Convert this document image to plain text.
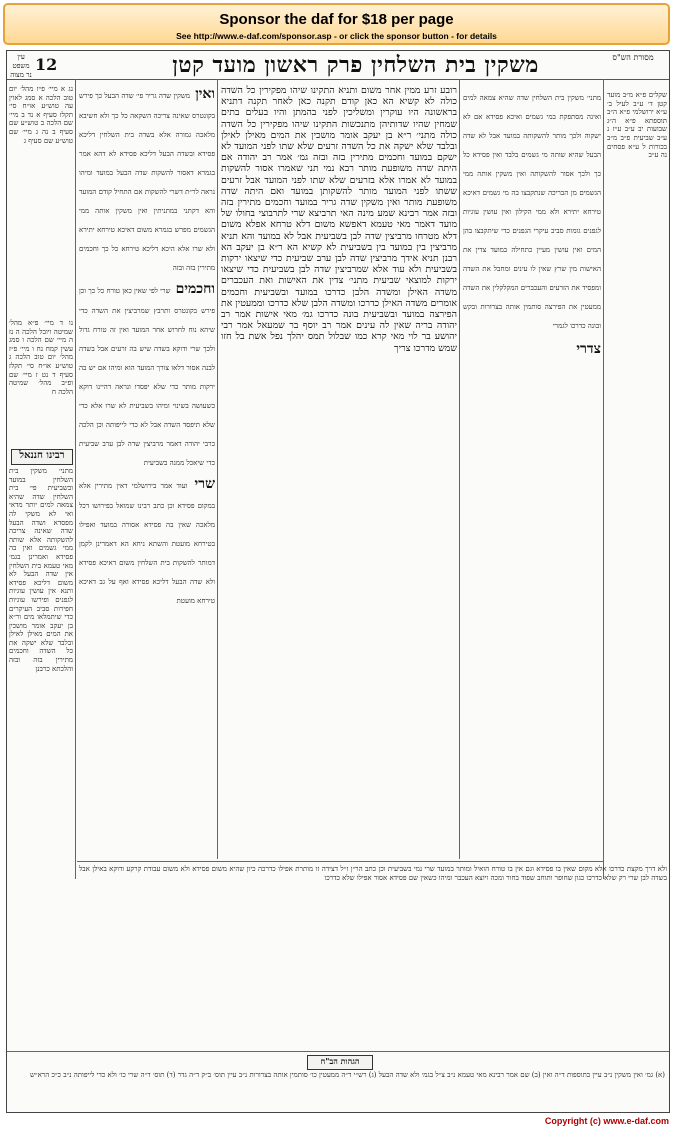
Sponsor the daf for $18 per page
See http://www.e-daf.com/sponsor.asp - or click the sponsor button - for details
עין משפט נר מצוה
12	משקין בית השלחין פרק ראשון מועד קטן	מסורת הש"ס
נג א מיי׳ פ״ז מהל׳ יום טוב הלכה א סמג לאוין עה טוש״ע או״ח סי׳ תקלז סעיף א נד ב מיי׳ שם הלכה ב טוש״ע שם סעיף ב נה ג מיי׳ שם טוש״ע שם סעיף ג
נו ד מיי׳ פ״א מהל׳ שמיטה ויובל הלכה ה נז ה מיי׳ שם הלכה ו סמג עשין קמח נח ו מיי׳ פ״ז מהל׳ יום טוב הלכה ג טוש״ע או״ח סי׳ תקלז סעיף ד נט ז מיי׳ שם ופ״ב מהל׳ שמיטה הלכה ח
רבינו חננאל
מתני׳ משקין בית השלחין במועד ובשביעית פי׳ בית השלחין שדה שהיא צמאה למים יותר מדאי ואי לא משקי לה מפסדא ושדה הבעל שדה שאינה צריכה להשקותה אלא שותה ממי גשמים ואין בה פסידא ואמרינן בגמ׳ מאי טעמא בית השלחין אין שדה הבעל לא משום דליכא פסידא ותנא אין עושין עוגיות לגפנים ופירשו עוגיות חפירות סביב העיקרים כדי שיתמלאו מים ור״א בן יעקב אומר מושכין את המים מאילן לאילן ובלבד שלא ישקה את כל השדה וחכמים מתירין בזה ובזה והלכתא כרבנן
ואין משקין שדה גריר פי׳ שדה הבעל כך פירש בקונטרס שאינה צריכה השקאה כל כך ולא חשיבא מלאכה גמורה אלא בשדה בית השלחין דליכא פסידא ובשדה הבעל דליכא פסידא לא דהא אמר בגמרא דאסור להשקות שדה הבעל במועד ומיהו נראה לר״ת דשרי להשקות אם התחיל קודם המועד והא דקתני במתניתין ואין משקין אותה ממי הגשמים מפרש בגמרא משום דאיכא טירחא יתירא ולא שרו אלא היכא דליכא טירחא כל כך וחכמים מתירין בזה ובזה
וחכמים שרי לפי שאין כאן טורח כל כך וכן פירש בקונטרס ותרבץ שמרביצין את השדה כדי שיהא נוח לחרוש אחר המועד ואין זה טורח גדול ולכך שרי ודוקא בשדה שיש בה זרעים אבל בשדה לבנה אסור דלאו צורך המועד הוא ומיהו אם יש בה ירקות מותר כדי שלא יפסדו ונראה דהיינו דוקא כשעושה בשינוי ומיהו בשביעית לא שרו אלא כדי שלא תיפסד השדה אבל לא כדי לייפותה וכן הלכה כרבי יהודה דאמר מרביצין שדה לבן ערב שביעית כדי שיאכל ממנה בשביעית
שרי ועוד אמר בירושלמי דאין מתירין אלא במקום פסידא וכן כתב רבינו שמואל בפירושו דכל מלאכה שאין בה פסידא אסורה במועד ואפילו בטירחא מועטת והשתא ניחא הא דאמרינן לקמן דמותר להשקות בית השלחין משום דאיכא פסידא ולא שדה הבעל דליכא פסידא ואף על גב דאיכא טירחא מועטת
רובע זרע ממין אחר משום ותניא התקינו שיהו מפקירין כל השדה כולה לא קשיא הא כאן קודם תקנה כאן לאחר תקנה דתניא בראשונה היו עוקרין ומשליכין לפני בהמתן והיו בעלים בתים שמחין שהיו שדותיהן מתנכשות התקינו שיהו מפקירין כל השדה כולה מתני׳ ר״א בן יעקב אומר מושכין את המים מאילן לאילן ובלבד שלא ישקה את כל השדה זרעים שלא שתו לפני המועד לא ישקם במועד וחכמים מתירין בזה ובזה גמ׳ אמר רב יהודה אם היתה שדה משופעת מותר רבא נמי תני שאמרו אסור להשקות במועד לא אמרו אלא בזרעים שלא שתו לפני המועד אבל זרעים ששתו לפני המועד מותר להשקותן במועד ואם היתה שדה משופעת מותר ואין משקין שדה גריר במועד וחכמים מתירין בזה ובזה אמר רבינא שמע מינה האי תרביצא שרי לתרבוצי בחולו של מועד דאמר מאי טעמא דאפשא משום דלא טרחא אפלא משום דלא מטרחו מרביצין שדה לבן בשביעית אבל לא במועד והא תניא מרביצין בין במועד בין בשביעית לא קשיא הא ר״א בן יעקב הא רבנן תניא אידך מרביצין שדה לבן ערב שביעית כדי שיצאו ירקות בשביעית ולא עוד אלא שמרביצין שדה לבן בשביעית כדי שיצאו ירקות למוצאי שביעית מתני׳ צדין את האישות ואת העכברים משדה האילן ומשדה הלבן כדרכו במועד ובשביעית וחכמים אומרים משדה האילן כדרכו ומשדה הלבן שלא כדרכו וממעטין את הפירצה במועד ובשביעית בונה כדרכו גמ׳ מאי אישות אמר רב יהודה בריה שאין לה עינים אמר רב יוסף בר שמעאל אמר רבי יהושע בר לוי מאי קרא כמו שבלול תמס יהלך נפל אשת בל חזו שמש מדרכו צריך
מתני׳ משקין בית השלחין שדה שהיא צמאה למים ואינה מסתפקת במי גשמים ואיכא פסידא אם לא ישקוה ולכך מותר להשקותה במועד אבל לא שדה הבעל שהיא שותה מי גשמים בלבד ואין פסידא כל כך ולכך אסור להשקותה ואין משקין אותה ממי הגשמים מן הבריכה שנתקבצו בה מי גשמים דאיכא טירחא יתירא ולא ממי הקילון ואין עושין עוגיות לגפנים גומות סביב עיקרי הגפנים כדי שיתקבצו בהן המים ואין עושין מעיין כתחילה במועד צדין את האישות מין שרץ שאין לו עינים ומחבל את השדה ומפסיד את הזרעים והעכברים המקלקלין את השדה ממעטין את הפירצה סותמין אותה בצרורות ובקש ובונה כדרכו לגמרי
צדרי
שקלים פ״א מ״ב מועד קטן ד׳ ע״ב לעיל ב׳ ע״א ירושלמי פ״א ה״ב תוספתא פ״א ה״ג שבועות יב ע״ב ע״ז נ ע״ב שביעית פ״ב מ״ב בכורות ל ע״א פסחים נה ע״ב
ולא דרך מקצת כדרכו אלא מקום שאין בו פסידא וגם אין בו טורח הואיל ומותר במועד שרי נמי בשביעית וכן כתב הר״ן ז״ל דצידה זו מותרת אפילו כדרכה כיון שהיא משום פסידא ולא משום עבודת קרקע ודוקא באילן אבל בשדה לבן שרי רק שלא כדרכו כגון שחופר ותוחב שפוד בחור ומכה ויוצא העכבר ומיהו כשאין שם פסידא אסור אפילו שלא כדרכו
הגהות הב"ח
(א) גמ׳ ואין משקין נ״ב עיין בתוספות ד״ה ואין (ב) שם אמר רבינא מאי טעמא נ״ב צ״ל בגמ׳ ולא שדה הבעל (ג) רש״י ד״ה ממעטין כו׳ סותמין אותה בצרורות נ״ב עיין תוס׳ ב״ק ד״ה גדר (ד) תוס׳ ד״ה שרי כו׳ ולא כדי לייפותה נ״ב כ״כ הרא״ש
Copyright (c) www.e-daf.com
